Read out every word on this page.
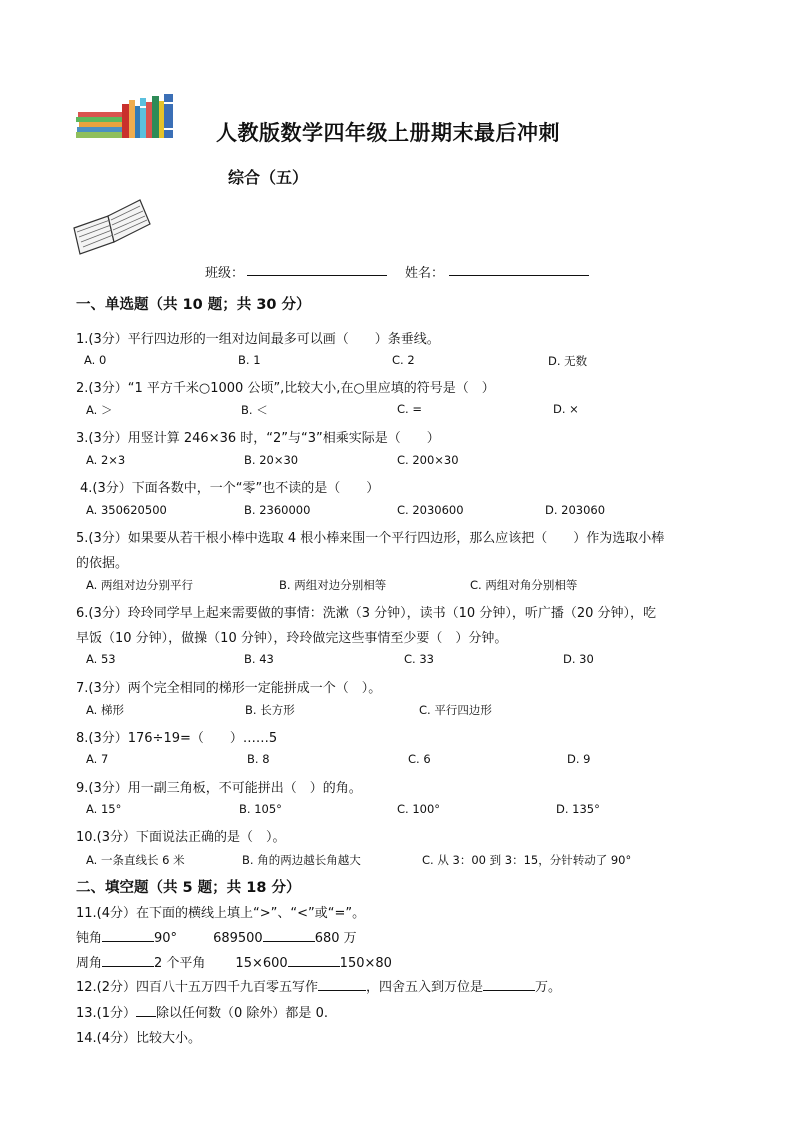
人教版数学四年级上册期末最后冲刺
综合（五）
班级：	姓名：
一、单选题（共 10 题；共 30 分）
1.(3分）平行四边形的一组对边间最多可以画（　　）条垂线。
A. 0	B. 1	C. 2	D. 无数
2.(3分）“1 平方千米○1000 公顷”,比较大小,在○里应填的符号是（　）
A. ＞	B. ＜	C. =	D. ×
3.(3分）用竖计算 246×36 时，“2”与“3”相乘实际是（　　）
A. 2×3	B. 20×30	C. 200×30
4.(3分）下面各数中，一个“零”也不读的是（　　）
A. 350620500	B. 2360000	C. 2030600	D. 203060
5.(3分）如果要从若干根小棒中选取 4 根小棒来围一个平行四边形，那么应该把（　　）作为选取小棒
的依据。
A. 两组对边分别平行	B. 两组对边分别相等	C. 两组对角分别相等
6.(3分）玲玲同学早上起来需要做的事情：洗漱（3 分钟），读书（10 分钟），听广播（20 分钟），吃
早饭（10 分钟），做操（10 分钟），玲玲做完这些事情至少要（　）分钟。
A. 53	B. 43	C. 33	D. 30
7.(3分）两个完全相同的梯形一定能拼成一个（　）。
A. 梯形	B. 长方形	C. 平行四边形
8.(3分）176÷19=（　　）……5
A. 7	B. 8	C. 6	D. 9
9.(3分）用一副三角板，不可能拼出（　）的角。
A. 15°	B. 105°	C. 100°	D. 135°
10.(3分）下面说法正确的是（　）。
A. 一条直线长 6 米	B. 角的两边越长角越大	C. 从 3：00 到 3：15，分针转动了 90°
二、填空题（共 5 题；共 18 分）
11.(4分）在下面的横线上填上“>”、“<”或“=”。
钝角	90°	689500	680 万
周角	2 个平角 15×600	150×80
12.(2分）四百八十五万四千九百零五写作	，四舍五入到万位是	万。
13.(1分） 除以任何数（0 除外）都是 0.
14.(4分）比较大小。
